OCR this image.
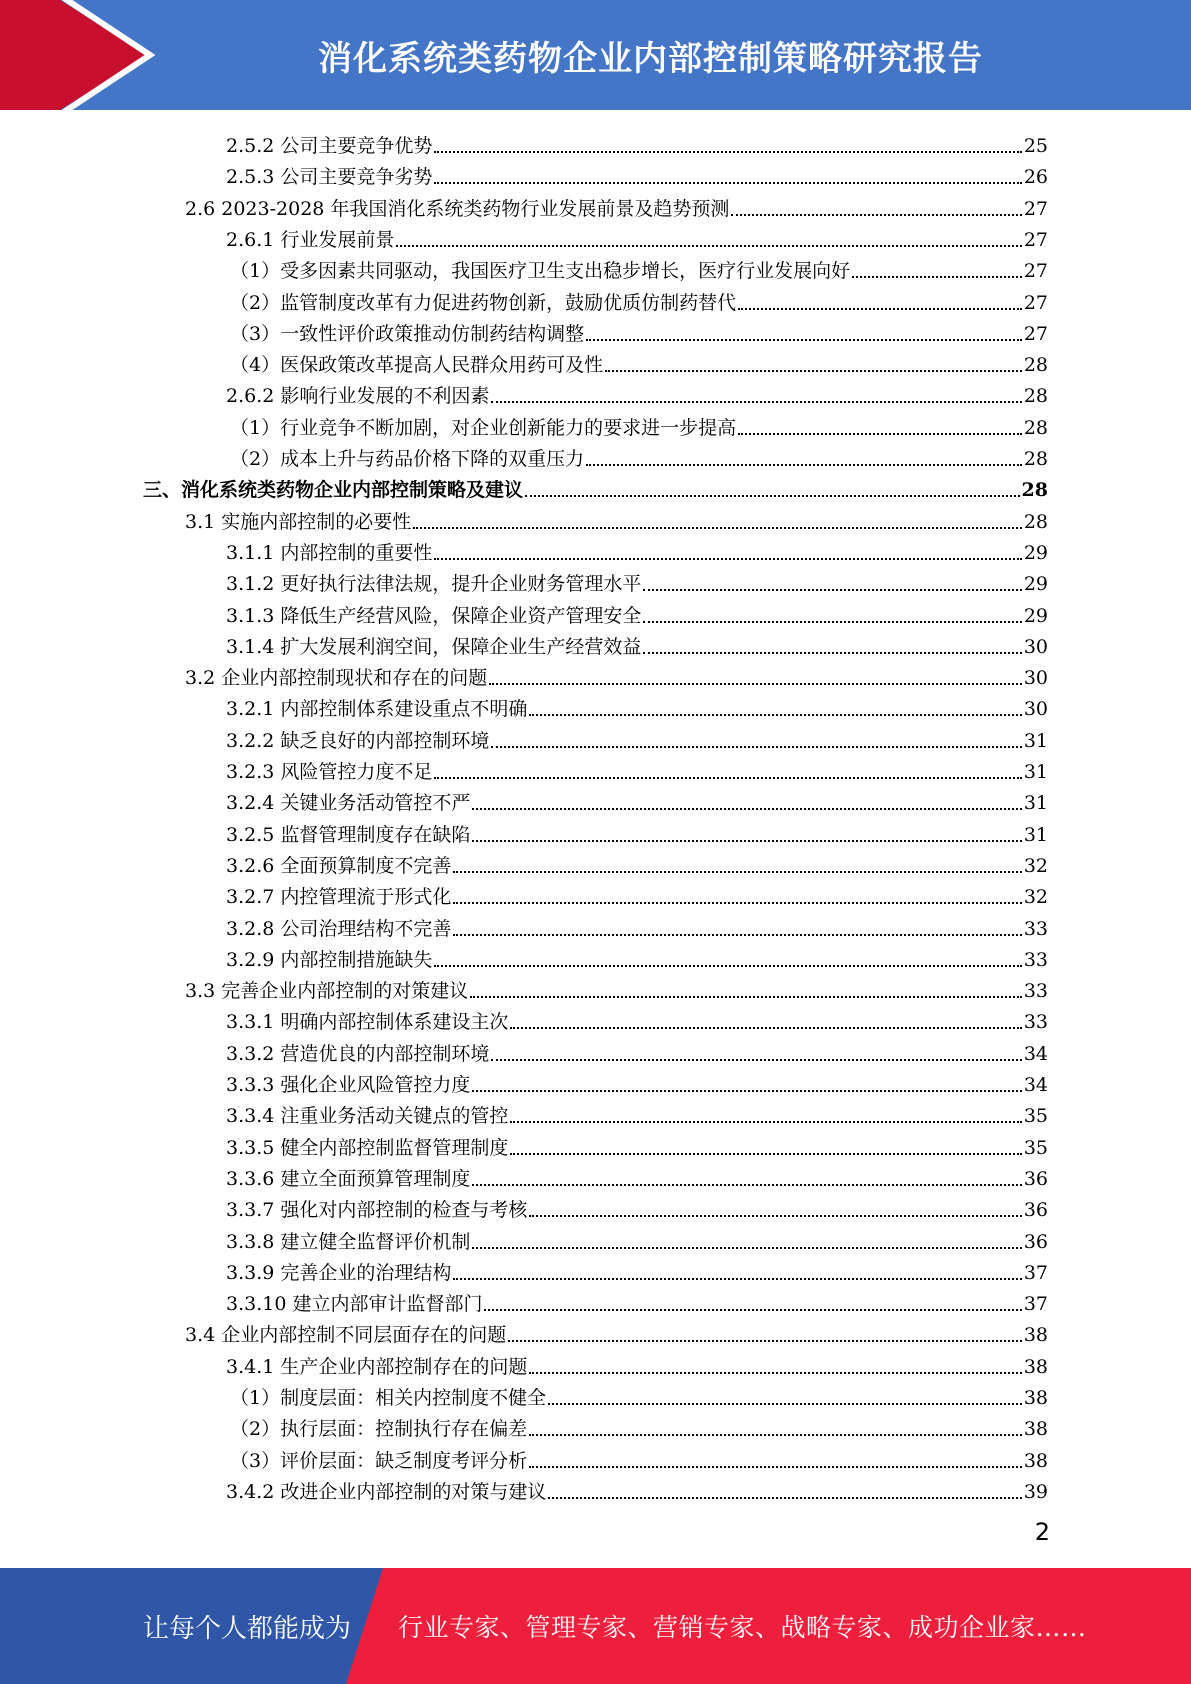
消化系统类药物企业内部控制策略研究报告
2.5.2 公司主要竞争优势	25
2.5.3 公司主要竞争劣势	26
2.6 2023-2028 年我国消化系统类药物行业发展前景及趋势预测	27
2.6.1 行业发展前景	27
（1）受多因素共同驱动，我国医疗卫生支出稳步增长，医疗行业发展向好	27
（2）监管制度改革有力促进药物创新，鼓励优质仿制药替代	27
（3）一致性评价政策推动仿制药结构调整	27
（4）医保政策改革提高人民群众用药可及性	28
2.6.2 影响行业发展的不利因素	28
（1）行业竞争不断加剧，对企业创新能力的要求进一步提高	28
（2）成本上升与药品价格下降的双重压力	28
三、消化系统类药物企业内部控制策略及建议	28
3.1 实施内部控制的必要性	28
3.1.1 内部控制的重要性	29
3.1.2 更好执行法律法规，提升企业财务管理水平	29
3.1.3 降低生产经营风险，保障企业资产管理安全	29
3.1.4 扩大发展利润空间，保障企业生产经营效益	30
3.2 企业内部控制现状和存在的问题	30
3.2.1 内部控制体系建设重点不明确	30
3.2.2 缺乏良好的内部控制环境	31
3.2.3 风险管控力度不足	31
3.2.4 关键业务活动管控不严	31
3.2.5 监督管理制度存在缺陷	31
3.2.6 全面预算制度不完善	32
3.2.7 内控管理流于形式化	32
3.2.8 公司治理结构不完善	33
3.2.9 内部控制措施缺失	33
3.3 完善企业内部控制的对策建议	33
3.3.1 明确内部控制体系建设主次	33
3.3.2 营造优良的内部控制环境	34
3.3.3 强化企业风险管控力度	34
3.3.4 注重业务活动关键点的管控	35
3.3.5 健全内部控制监督管理制度	35
3.3.6 建立全面预算管理制度	36
3.3.7 强化对内部控制的检查与考核	36
3.3.8 建立健全监督评价机制	36
3.3.9 完善企业的治理结构	37
3.3.10 建立内部审计监督部门	37
3.4 企业内部控制不同层面存在的问题	38
3.4.1 生产企业内部控制存在的问题	38
（1）制度层面：相关内控制度不健全	38
（2）执行层面：控制执行存在偏差	38
（3）评价层面：缺乏制度考评分析	38
3.4.2 改进企业内部控制的对策与建议	39
2
让每个人都能成为 行业专家、管理专家、营销专家、战略专家、成功企业家……
